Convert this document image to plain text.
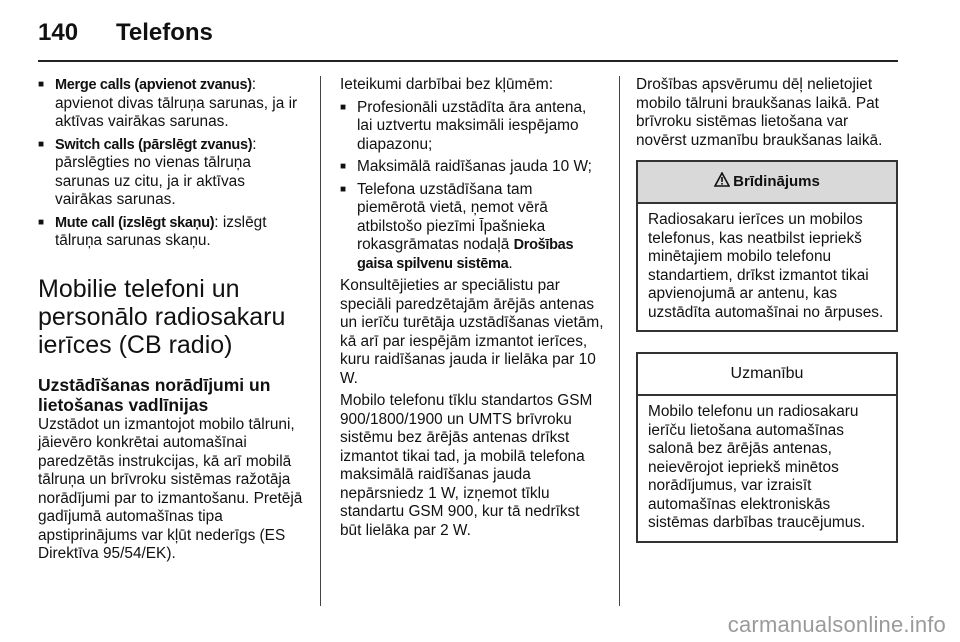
140	Telefons
■ Merge calls (apvienot zvanus):
apvienot divas tālruņa sarunas, ja ir aktīvas vairākas sarunas.
■ Switch calls (pārslēgt zvanus):
pārslēgties no vienas tālruņa sarunas uz citu, ja ir aktīvas vairākas sarunas.
■ Mute call (izslēgt skaņu): izslēgt tālruņa sarunas skaņu.
Mobilie telefoni un personālo radiosakaru ierīces (CB radio)
Uzstādīšanas norādījumi un lietošanas vadlīnijas

Uzstādot un izmantojot mobilo tālruni, jāievēro konkrētai automašīnai paredzētās instrukcijas, kā arī mobilā tālruņa un brīvroku sistēmas ražotāja norādījumi par to izmantošanu. Pretējā gadījumā automašīnas tipa apstiprinājums var kļūt nederīgs (ES Direktīva 95/54/EK).

Ieteikumi darbībai bez kļūmēm:

■ Profesionāli uzstādīta āra antena, lai uztvertu maksimāli iespējamo diapazonu;
■ Maksimālā raidīšanas jauda 10 W;
■ Telefona uzstādīšana tam piemērotā vietā, ņemot vērā atbilstošo piezīmi Īpašnieka rokasgrāmatas nodaļā Drošības gaisa spilvenu sistēma.

Konsultējieties ar speciālistu par speciāli paredzētajām ārējās antenas un ierīču turētāja uzstādīšanas vietām, kā arī par iespējām izmantot ierīces, kuru raidīšanas jauda ir lielāka par 10 W.

Mobilo telefonu tīklu standartos GSM 900/1800/1900 un UMTS brīvroku sistēmu bez ārējās antenas drīkst izmantot tikai tad, ja mobilā telefona maksimālā raidīšanas jauda nepārsniedz 1 W, izņemot tīklu standartu GSM 900, kur tā nedrīkst būt lielāka par 2 W.

Drošības apsvērumu dēļ nelietojiet mobilo tālruni braukšanas laikā. Pat brīvroku sistēmas lietošana var novērst uzmanību braukšanas laikā.

Brīdinājums
Radiosakaru ierīces un mobilos telefonus, kas neatbilst iepriekš minētajiem mobilo telefonu standartiem, drīkst izmantot tikai apvienojumā ar antenu, kas uzstādīta automašīnai no ārpuses.
Uzmanību
Mobilo telefonu un radiosakaru ierīču lietošana automašīnas salonā bez ārējās antenas, neievērojot iepriekš minētos norādījumus, var izraisīt automašīnas elektroniskās sistēmas darbības traucējumus.
carmanualsonline.info
